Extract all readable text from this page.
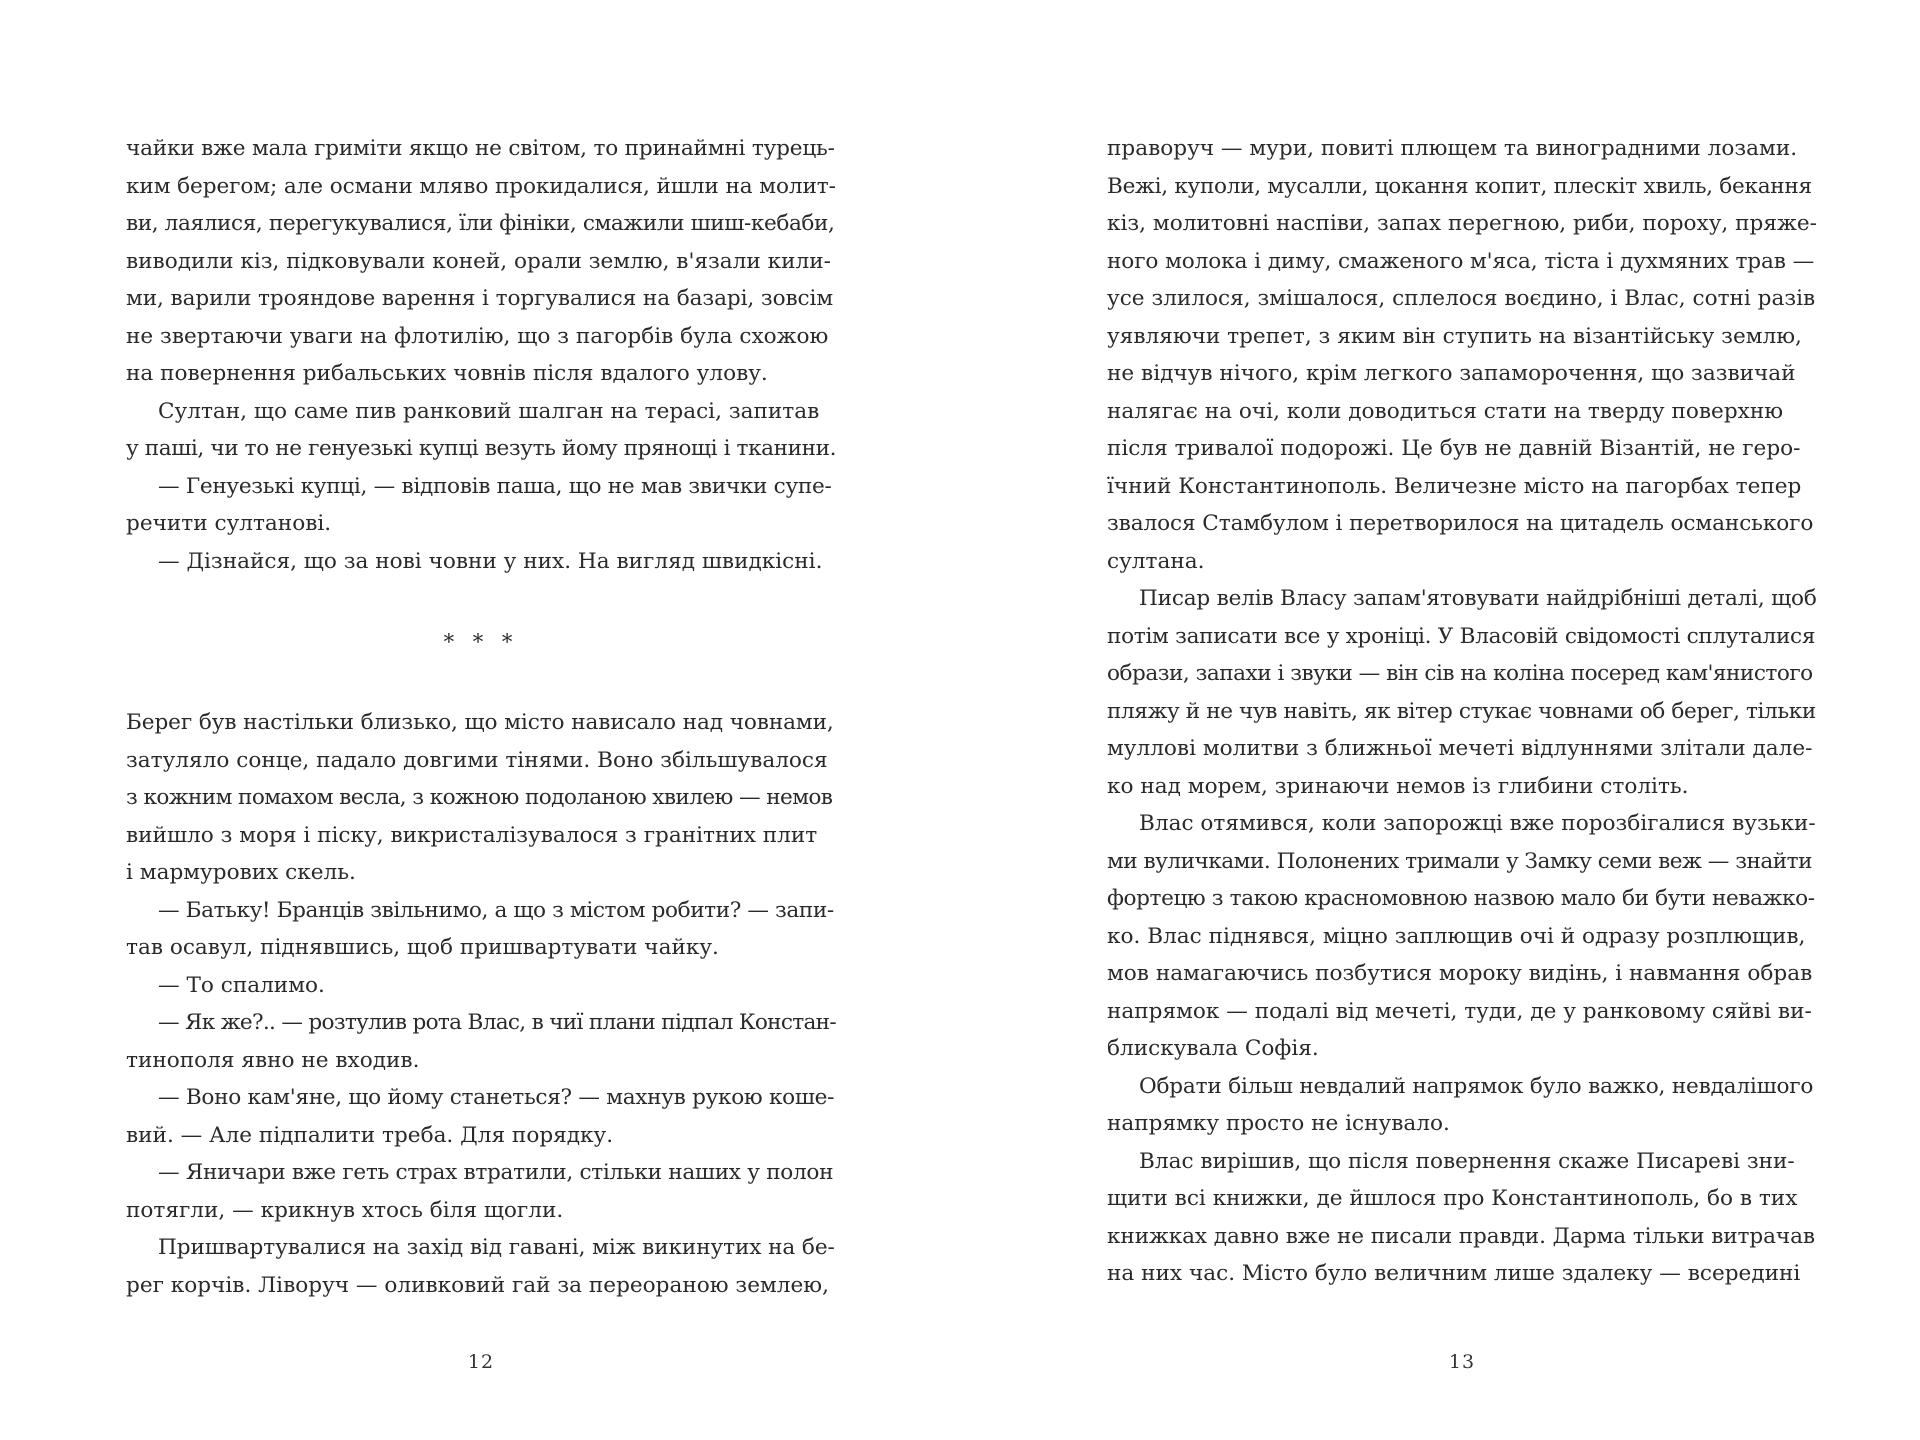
чайки вже мала гриміти якщо не світом, то принаймні турець-
ким берегом; але османи мляво прокидалися, йшли на молит-
ви, лаялися, перегукувалися, їли фініки, смажили шиш-кебаби,
виводили кіз, підковували коней, орали землю, в'язали кили-
ми, варили трояндове варення і торгувалися на базарі, зовсім
не звертаючи уваги на флотилію, що з пагорбів була схожою
на повернення рибальських човнів після вдалого улову.
Султан, що саме пив ранковий шалган на терасі, запитав
у паші, чи то не генуезькі купці везуть йому прянощі і тканини.
— Генуезькі купці, — відповів паша, що не мав звички супе-
речити султанові.
— Дізнайся, що за нові човни у них. На вигляд швидкісні.
* * *
Берег був настільки близько, що місто нависало над човнами,
затуляло сонце, падало довгими тінями. Воно збільшувалося
з кожним помахом весла, з кожною подоланою хвилею — немов
вийшло з моря і піску, викристалізувалося з гранітних плит
і мармурових скель.
— Батьку! Бранців звільнимо, а що з містом робити? — запи-
тав осавул, піднявшись, щоб пришвартувати чайку.
— То спалимо.
— Як же?.. — розтулив рота Влас, в чиї плани підпал Констан-
тинополя явно не входив.
— Воно кам'яне, що йому станеться? — махнув рукою коше-
вий. — Але підпалити треба. Для порядку.
— Яничари вже геть страх втратили, стільки наших у полон
потягли, — крикнув хтось біля щогли.
Пришвартувалися на захід від гавані, між викинутих на бе-
рег корчів. Ліворуч — оливковий гай за переораною землею,
12
праворуч — мури, повиті плющем та виноградними лозами.
Вежі, куполи, мусалли, цокання копит, плескіт хвиль, бекання
кіз, молитовні наспіви, запах перегною, риби, пороху, пряже-
ного молока і диму, смаженого м'яса, тіста і духмяних трав —
усе злилося, змішалося, сплелося воєдино, і Влас, сотні разів
уявляючи трепет, з яким він ступить на візантійську землю,
не відчув нічого, крім легкого запаморочення, що зазвичай
налягає на очі, коли доводиться стати на тверду поверхню
після тривалої подорожі. Це був не давній Візантій, не геро-
їчний Константинополь. Величезне місто на пагорбах тепер
звалося Стамбулом і перетворилося на цитадель османського
султана.
Писар велів Власу запам'ятовувати найдрібніші деталі, щоб
потім записати все у хроніці. У Власовій свідомості сплуталися
образи, запахи і звуки — він сів на коліна посеред кам'янистого
пляжу й не чув навіть, як вітер стукає човнами об берег, тільки
муллові молитви з ближньої мечеті відлуннями злітали дале-
ко над морем, зринаючи немов із глибини століть.
Влас отямився, коли запорожці вже порозбігалися вузьки-
ми вуличками. Полонених тримали у Замку семи веж — знайти
фортецю з такою красномовною назвою мало би бути неважко-
ко. Влас піднявся, міцно заплющив очі й одразу розплющив,
мов намагаючись позбутися мороку видінь, і навмання обрав
напрямок — подалі від мечеті, туди, де у ранковому сяйві ви-
блискувала Софія.
Обрати більш невдалий напрямок було важко, невдалішого
напрямку просто не існувало.
Влас вирішив, що після повернення скаже Писареві зни-
щити всі книжки, де йшлося про Константинополь, бо в тих
книжках давно вже не писали правди. Дарма тільки витрачав
на них час. Місто було величним лише здалеку — всередині
13
